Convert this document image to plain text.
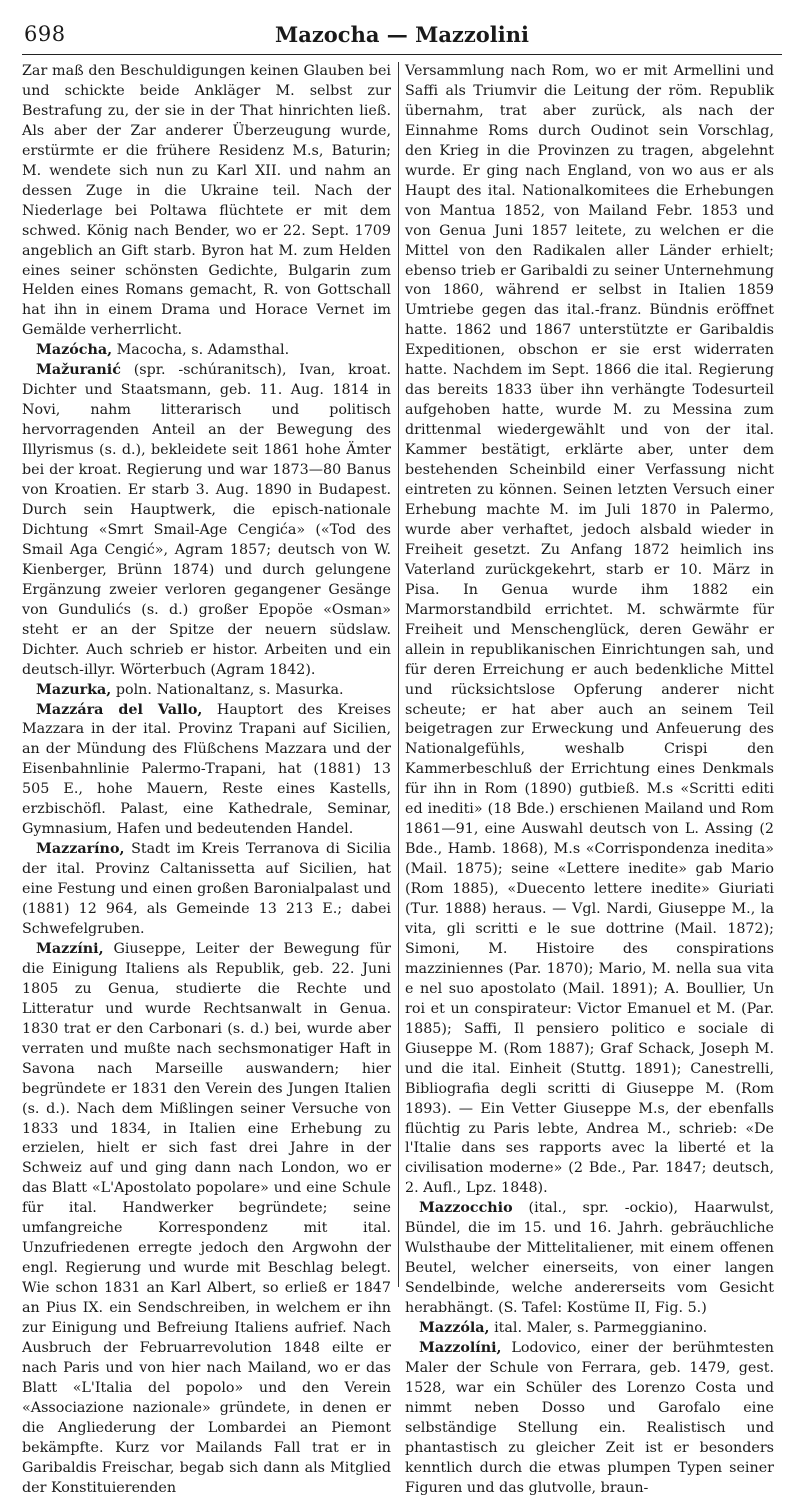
698	Mazocha — Mazzolini

Zar maß den Beschuldigungen keinen Glauben bei und schickte beide Ankläger M. selbst zur Bestrafung zu, der sie in der That hinrichten ließ. Als aber der Zar anderer Überzeugung wurde, erstürmte er die frühere Residenz M.s, Baturin; M. wendete sich nun zu Karl XII. und nahm an dessen Zuge in die Ukraine teil. Nach der Niederlage bei Poltawa flüchtete er mit dem schwed. König nach Bender, wo er 22. Sept. 1709 angeblich an Gift starb. Byron hat M. zum Helden eines seiner schönsten Gedichte, Bulgarin zum Helden eines Romans gemacht, R. von Gottschall hat ihn in einem Drama und Horace Vernet im Gemälde verherrlicht.

Mazócha, Macocha, s. Adamsthal.

Mažuranić (spr. -schúranitsch), Ivan, kroat. Dichter und Staatsmann, geb. 11. Aug. 1814 in Novi, nahm litterarisch und politisch hervorragenden Anteil an der Bewegung des Illyrismus (s. d.), bekleidete seit 1861 hohe Ämter bei der kroat. Regierung und war 1873—80 Banus von Kroatien. Er starb 3. Aug. 1890 in Budapest. Durch sein Hauptwerk, die episch-nationale Dichtung «Smrt Smail-Age Cengića» («Tod des Smail Aga Cengić», Agram 1857; deutsch von W. Kienberger, Brünn 1874) und durch gelungene Ergänzung zweier verloren gegangener Gesänge von Gundulićs (s. d.) großer Epopöe «Osman» steht er an der Spitze der neuern südslaw. Dichter. Auch schrieb er histor. Arbeiten und ein deutsch-illyr. Wörterbuch (Agram 1842).

Mazurka, poln. Nationaltanz, s. Masurka.

Mazzára del Vallo, Hauptort des Kreises Mazzara in der ital. Provinz Trapani auf Sicilien, an der Mündung des Flüßchens Mazzara und der Eisenbahnlinie Palermo-Trapani, hat (1881) 13 505 E., hohe Mauern, Reste eines Kastells, erzbischöfl. Palast, eine Kathedrale, Seminar, Gymnasium, Hafen und bedeutenden Handel.

Mazzaríno, Stadt im Kreis Terranova di Sicilia der ital. Provinz Caltanissetta auf Sicilien, hat eine Festung und einen großen Baronialpalast und (1881) 12 964, als Gemeinde 13 213 E.; dabei Schwefelgruben.

Mazzíni, Giuseppe, Leiter der Bewegung für die Einigung Italiens als Republik, geb. 22. Juni 1805 zu Genua, studierte die Rechte und Litteratur und wurde Rechtsanwalt in Genua. 1830 trat er den Carbonari (s. d.) bei, wurde aber verraten und mußte nach sechsmonatiger Haft in Savona nach Marseille auswandern; hier begründete er 1831 den Verein des Jungen Italien (s. d.). Nach dem Mißlingen seiner Versuche von 1833 und 1834, in Italien eine Erhebung zu erzielen, hielt er sich fast drei Jahre in der Schweiz auf und ging dann nach London, wo er das Blatt «L'Apostolato popolare» und eine Schule für ital. Handwerker begründete; seine umfangreiche Korrespondenz mit ital. Unzufriedenen erregte jedoch den Argwohn der engl. Regierung und wurde mit Beschlag belegt. Wie schon 1831 an Karl Albert, so erließ er 1847 an Pius IX. ein Sendschreiben, in welchem er ihn zur Einigung und Befreiung Italiens aufrief. Nach Ausbruch der Februarrevolution 1848 eilte er nach Paris und von hier nach Mailand, wo er das Blatt «L'Italia del popolo» und den Verein «Associazione nazionale» gründete, in denen er die Angliederung der Lombardei an Piemont bekämpfte. Kurz vor Mailands Fall trat er in Garibaldis Freischar, begab sich dann als Mitglied der Konstituierenden

Versammlung nach Rom, wo er mit Armellini und Saffi als Triumvir die Leitung der röm. Republik übernahm, trat aber zurück, als nach der Einnahme Roms durch Oudinot sein Vorschlag, den Krieg in die Provinzen zu tragen, abgelehnt wurde. Er ging nach England, von wo aus er als Haupt des ital. Nationalkomitees die Erhebungen von Mantua 1852, von Mailand Febr. 1853 und von Genua Juni 1857 leitete, zu welchen er die Mittel von den Radikalen aller Länder erhielt; ebenso trieb er Garibaldi zu seiner Unternehmung von 1860, während er selbst in Italien 1859 Umtriebe gegen das ital.-franz. Bündnis eröffnet hatte. 1862 und 1867 unterstützte er Garibaldis Expeditionen, obschon er sie erst widerraten hatte. Nachdem im Sept. 1866 die ital. Regierung das bereits 1833 über ihn verhängte Todesurteil aufgehoben hatte, wurde M. zu Messina zum drittenmal wiedergewählt und von der ital. Kammer bestätigt, erklärte aber, unter dem bestehenden Scheinbild einer Verfassung nicht eintreten zu können. Seinen letzten Versuch einer Erhebung machte M. im Juli 1870 in Palermo, wurde aber verhaftet, jedoch alsbald wieder in Freiheit gesetzt. Zu Anfang 1872 heimlich ins Vaterland zurückgekehrt, starb er 10. März in Pisa. In Genua wurde ihm 1882 ein Marmorstandbild errichtet. M. schwärmte für Freiheit und Menschenglück, deren Gewähr er allein in republikanischen Einrichtungen sah, und für deren Erreichung er auch bedenkliche Mittel und rücksichtslose Opferung anderer nicht scheute; er hat aber auch an seinem Teil beigetragen zur Erweckung und Anfeuerung des Nationalgefühls, weshalb Crispi den Kammerbeschluß der Errichtung eines Denkmals für ihn in Rom (1890) gutbieß. M.s «Scritti editi ed inediti» (18 Bde.) erschienen Mailand und Rom 1861—91, eine Auswahl deutsch von L. Assing (2 Bde., Hamb. 1868), M.s «Corrispondenza inedita» (Mail. 1875); seine «Lettere inedite» gab Mario (Rom 1885), «Duecento lettere inedite» Giuriati (Tur. 1888) heraus. — Vgl. Nardi, Giuseppe M., la vita, gli scritti e le sue dottrine (Mail. 1872); Simoni, M. Histoire des conspirations mazziniennes (Par. 1870); Mario, M. nella sua vita e nel suo apostolato (Mail. 1891); A. Boullier, Un roi et un conspirateur: Victor Emanuel et M. (Par. 1885); Saffi, Il pensiero politico e sociale di Giuseppe M. (Rom 1887); Graf Schack, Joseph M. und die ital. Einheit (Stuttg. 1891); Canestrelli, Bibliografia degli scritti di Giuseppe M. (Rom 1893). — Ein Vetter Giuseppe M.s, der ebenfalls flüchtig zu Paris lebte, Andrea M., schrieb: «De l'Italie dans ses rapports avec la liberté et la civilisation moderne» (2 Bde., Par. 1847; deutsch, 2. Aufl., Lpz. 1848).

Mazzocchio (ital., spr. -ockio), Haarwulst, Bündel, die im 15. und 16. Jahrh. gebräuchliche Wulsthaube der Mittelitaliener, mit einem offenen Beutel, welcher einerseits, von einer langen Sendelbinde, welche andererseits vom Gesicht herabhängt. (S. Tafel: Kostüme II, Fig. 5.)

Mazzóla, ital. Maler, s. Parmeggianino.

Mazzolíni, Lodovico, einer der berühmtesten Maler der Schule von Ferrara, geb. 1479, gest. 1528, war ein Schüler des Lorenzo Costa und nimmt neben Dosso und Garofalo eine selbständige Stellung ein. Realistisch und phantastisch zu gleicher Zeit ist er besonders kenntlich durch die etwas plumpen Typen seiner Figuren und das glutvolle, braun-
